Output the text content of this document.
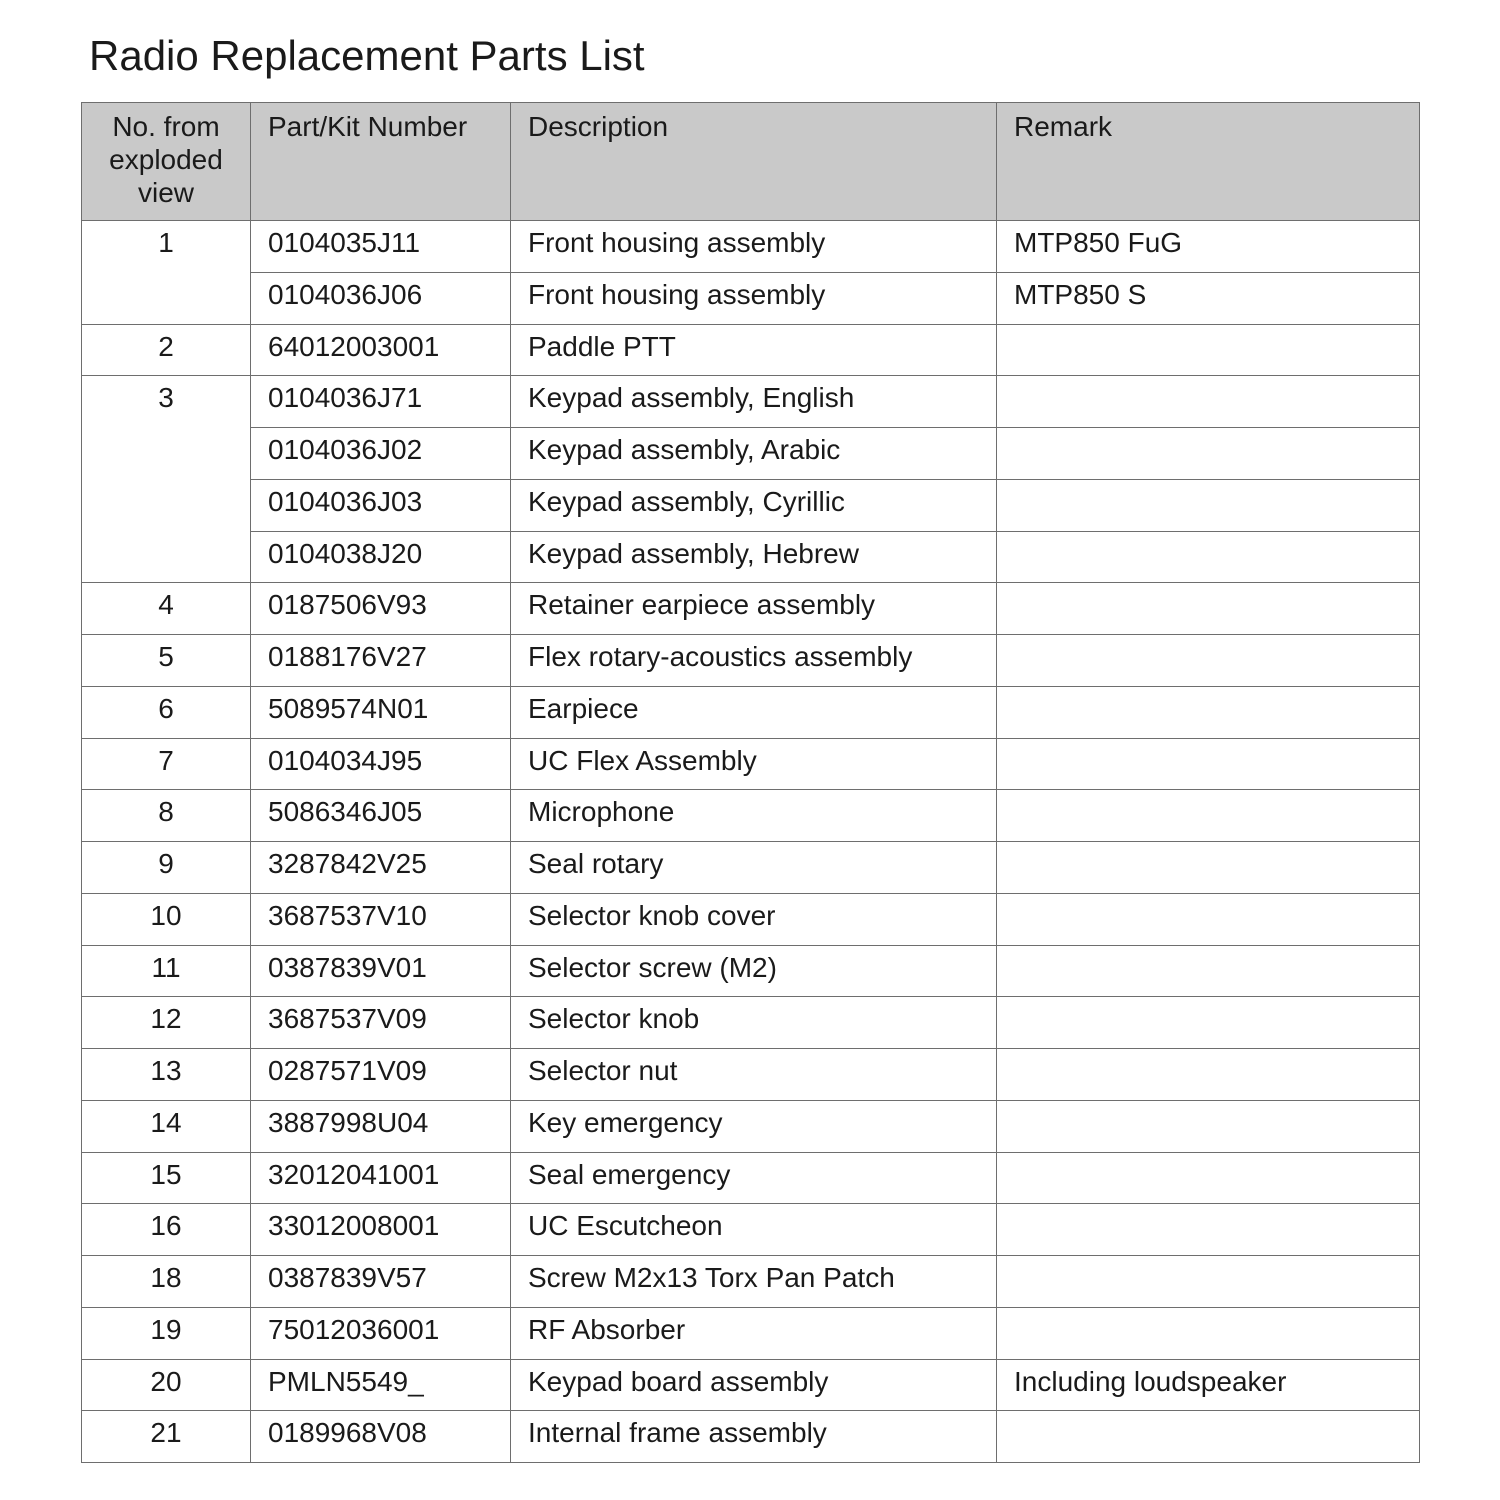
Radio Replacement Parts List
No. from exploded view	Part/Kit Number	Description	Remark
1	0104035J11	Front housing assembly	MTP850 FuG
	0104036J06	Front housing assembly	MTP850 S
2	64012003001	Paddle PTT	
3	0104036J71	Keypad assembly, English	
	0104036J02	Keypad assembly, Arabic	
	0104036J03	Keypad assembly, Cyrillic	
	0104038J20	Keypad assembly, Hebrew	
4	0187506V93	Retainer earpiece assembly	
5	0188176V27	Flex rotary-acoustics assembly	
6	5089574N01	Earpiece	
7	0104034J95	UC Flex Assembly	
8	5086346J05	Microphone	
9	3287842V25	Seal rotary	
10	3687537V10	Selector knob cover	
11	0387839V01	Selector screw (M2)	
12	3687537V09	Selector knob	
13	0287571V09	Selector nut	
14	3887998U04	Key emergency	
15	32012041001	Seal emergency	
16	33012008001	UC Escutcheon	
18	0387839V57	Screw M2x13 Torx Pan Patch	
19	75012036001	RF Absorber	
20	PMLN5549_	Keypad board assembly	Including loudspeaker
21	0189968V08	Internal frame assembly	
